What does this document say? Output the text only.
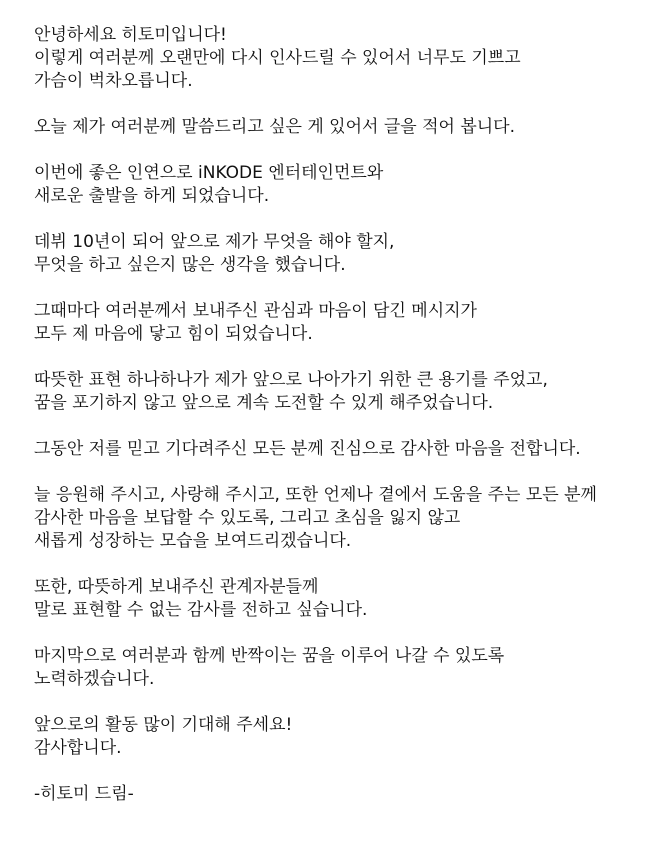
안녕하세요 히토미입니다!
이렇게 여러분께 오랜만에 다시 인사드릴 수 있어서 너무도 기쁘고
가슴이 벅차오릅니다.
오늘 제가 여러분께 말씀드리고 싶은 게 있어서 글을 적어 봅니다.
이번에 좋은 인연으로 iNKODE 엔터테인먼트와
새로운 출발을 하게 되었습니다.
데뷔 10년이 되어 앞으로 제가 무엇을 해야 할지,
무엇을 하고 싶은지 많은 생각을 했습니다.
그때마다 여러분께서 보내주신 관심과 마음이 담긴 메시지가
모두 제 마음에 닿고 힘이 되었습니다.
따뜻한 표현 하나하나가 제가 앞으로 나아가기 위한 큰 용기를 주었고,
꿈을 포기하지 않고 앞으로 계속 도전할 수 있게 해주었습니다.
그동안 저를 믿고 기다려주신 모든 분께 진심으로 감사한 마음을 전합니다.
늘 응원해 주시고, 사랑해 주시고, 또한 언제나 곁에서 도움을 주는 모든 분께
감사한 마음을 보답할 수 있도록, 그리고 초심을 잃지 않고
새롭게 성장하는 모습을 보여드리겠습니다.
또한, 따뜻하게 보내주신 관계자분들께
말로 표현할 수 없는 감사를 전하고 싶습니다.
마지막으로 여러분과 함께 반짝이는 꿈을 이루어 나갈 수 있도록
노력하겠습니다.
앞으로의 활동 많이 기대해 주세요!
감사합니다.
-히토미 드림-
